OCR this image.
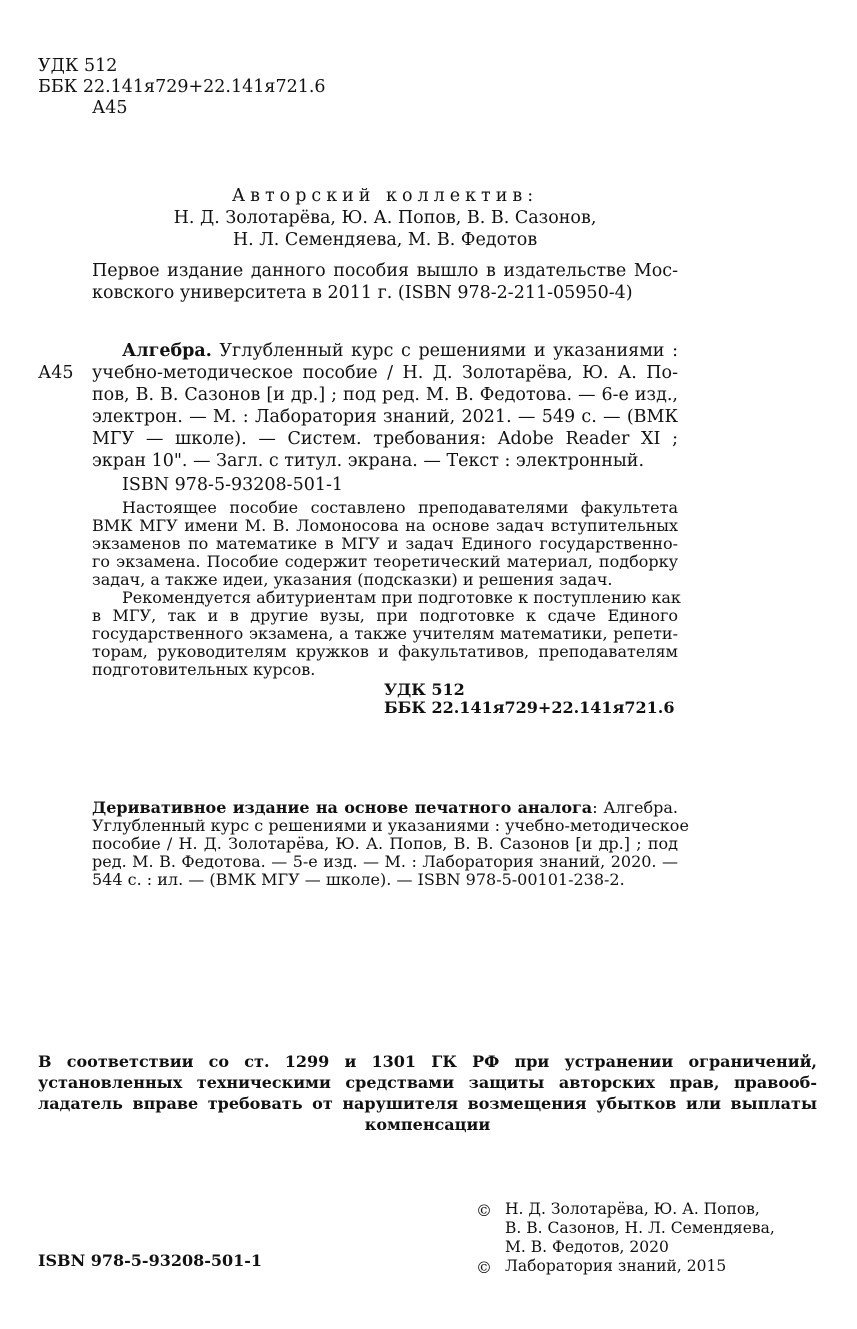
УДК 512
ББК 22.141я729+22.141я721.6
А45
Авторский коллектив:
Н. Д. Золотарёва, Ю. А. Попов, В. В. Сазонов,
Н. Л. Семендяева, М. В. Федотов
Первое издание данного пособия вышло в издательстве Мос-
ковского университета в 2011 г. (ISBN 978-2-211-05950-4)
А45
Алгебра. Углубленный курс с решениями и указаниями :
учебно-методическое пособие / Н. Д. Золотарёва, Ю. А. По-
пов, В. В. Сазонов [и др.] ; под ред. М. В. Федотова. — 6-е изд.,
электрон. — М. : Лаборатория знаний, 2021. — 549 с. — (ВМК
МГУ — школе). — Систем. требования: Adobe Reader XI ;
экран 10". — Загл. с титул. экрана. — Текст : электронный.
ISBN 978-5-93208-501-1
Настоящее пособие составлено преподавателями факультета
ВМК МГУ имени М. В. Ломоносова на основе задач вступительных
экзаменов по математике в МГУ и задач Единого государственно-
го экзамена. Пособие содержит теоретический материал, подборку
задач, а также идеи, указания (подсказки) и решения задач.
Рекомендуется абитуриентам при подготовке к поступлению как
в МГУ, так и в другие вузы, при подготовке к сдаче Единого
государственного экзамена, а также учителям математики, репети-
торам, руководителям кружков и факультативов, преподавателям
подготовительных курсов.
УДК 512
ББК 22.141я729+22.141я721.6
Деривативное издание на основе печатного аналога: Алгебра.
Углубленный курс с решениями и указаниями : учебно-методическое
пособие / Н. Д. Золотарёва, Ю. А. Попов, В. В. Сазонов [и др.] ; под
ред. М. В. Федотова. — 5-е изд. — М. : Лаборатория знаний, 2020. —
544 с. : ил. — (ВМК МГУ — школе). — ISBN 978-5-00101-238-2.
В соответствии со ст. 1299 и 1301 ГК РФ при устранении ограничений,
установленных техническими средствами защиты авторских прав, правооб-
ладатель вправе требовать от нарушителя возмещения убытков или выплаты
компенсации
ISBN 978-5-93208-501-1
© Н. Д. Золотарёва, Ю. А. Попов,
В. В. Сазонов, Н. Л. Семендяева,
М. В. Федотов, 2020
© Лаборатория знаний, 2015
